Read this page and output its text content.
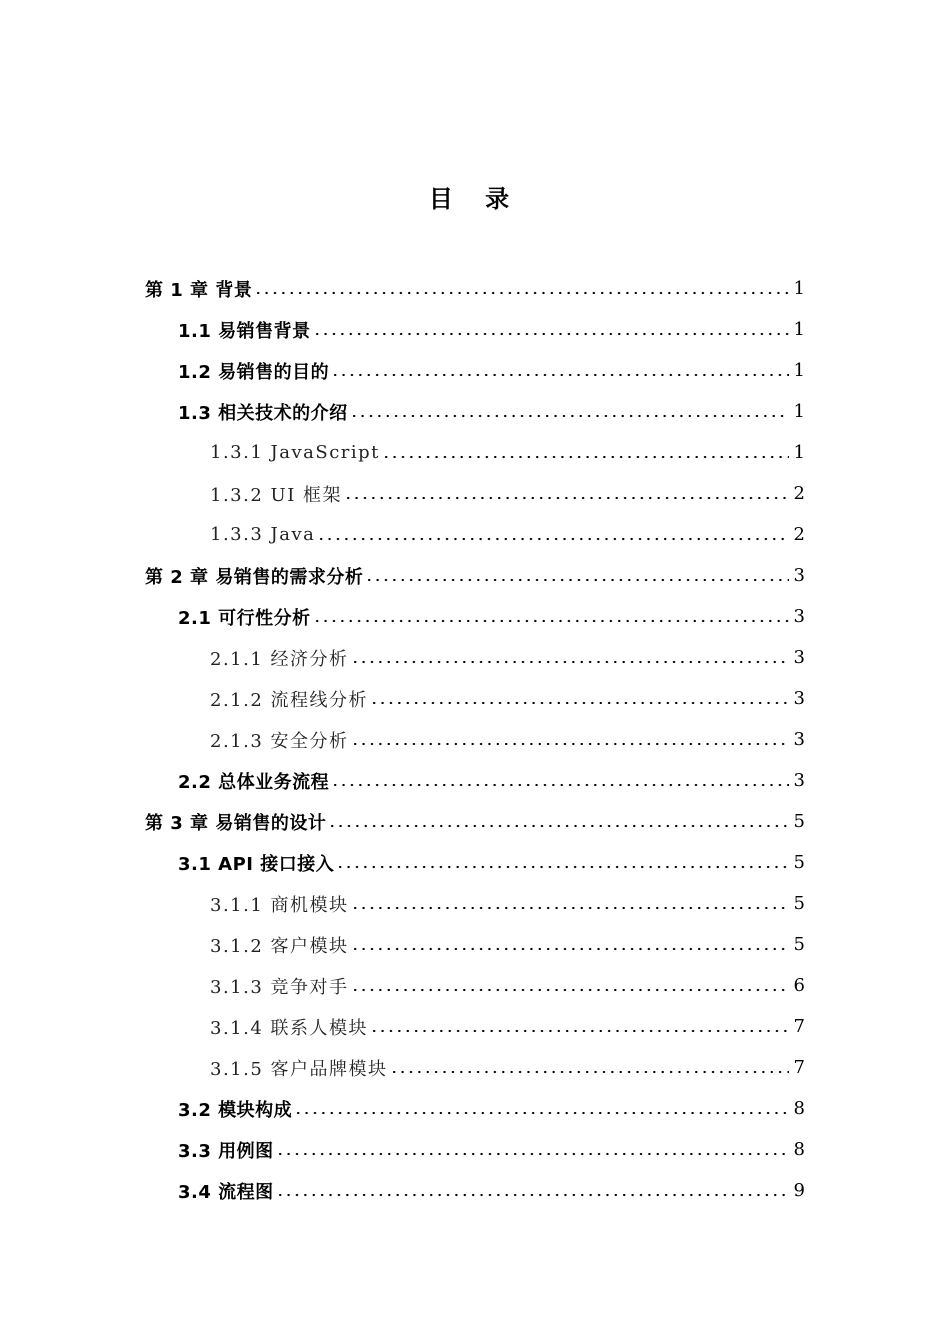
目 录
第 1 章 背景	1
1.1 易销售背景	1
1.2 易销售的目的	1
1.3 相关技术的介绍	1
1.3.1 JavaScript	1
1.3.2 UI 框架	2
1.3.3 Java	2
第 2 章 易销售的需求分析	3
2.1 可行性分析	3
2.1.1 经济分析	3
2.1.2 流程线分析	3
2.1.3 安全分析	3
2.2 总体业务流程	3
第 3 章 易销售的设计	5
3.1 API 接口接入	5
3.1.1 商机模块	5
3.1.2 客户模块	5
3.1.3 竞争对手	6
3.1.4 联系人模块	7
3.1.5 客户品牌模块	7
3.2 模块构成	8
3.3 用例图	8
3.4 流程图	9
